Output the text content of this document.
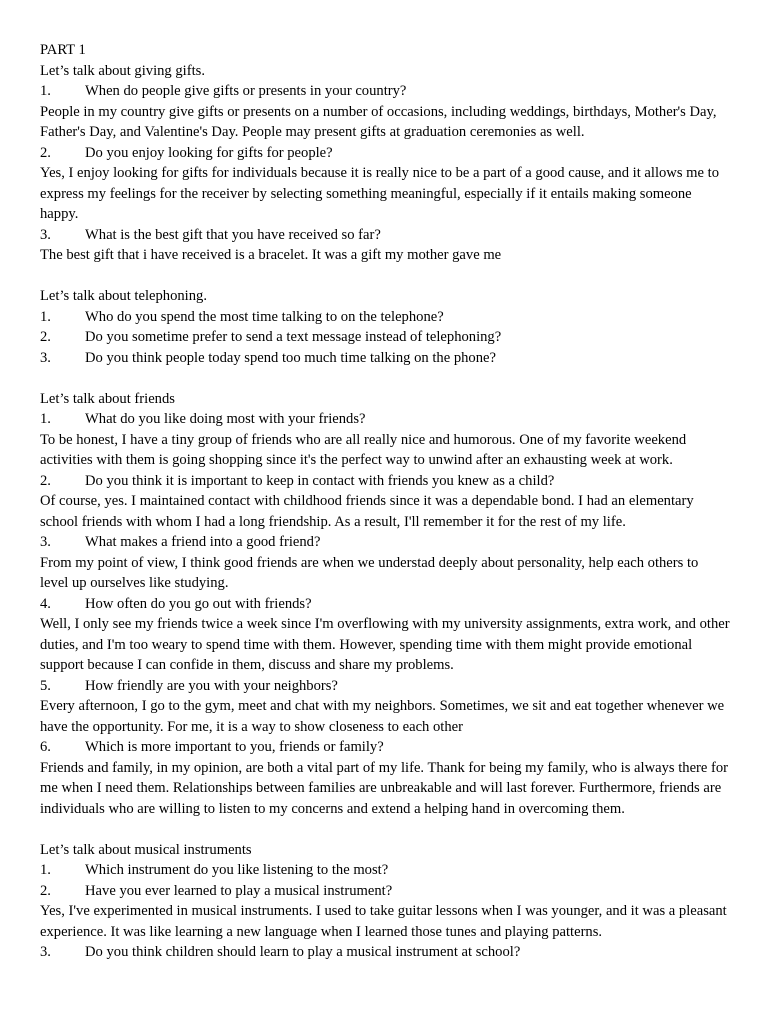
PART 1

Let’s talk about giving gifts.

1.	When do people give gifts or presents in your country?

People in my country give gifts or presents on a number of occasions, including weddings, birthdays, Mother's Day, Father's Day, and Valentine's Day. People may present gifts at graduation ceremonies as well.

2.	Do you enjoy looking for gifts for people?

Yes, I enjoy looking for gifts for individuals because it is really nice to be a part of a good cause, and it allows me to express my feelings for the receiver by selecting something meaningful, especially if it entails making someone happy.

3.	What is the best gift that you have received so far?

The best gift that i have received is a bracelet. It was a gift my mother gave me

Let’s talk about telephoning.

1.	Who do you spend the most time talking to on the telephone?

2.	Do you sometime prefer to send a text message instead of telephoning?

3.	Do you think people today spend too much time talking on the phone?

Let’s talk about friends

1.	What do you like doing most with your friends?

To be honest, I have a tiny group of friends who are all really nice and humorous. One of my favorite weekend activities with them is going shopping since it's the perfect way to unwind after an exhausting week at work.

2.	Do you think it is important to keep in contact with friends you knew as a child?

Of course, yes. I maintained contact with childhood friends since it was a dependable bond. I had an elementary school friends with whom I had a long friendship. As a result, I'll remember it for the rest of my life.

3.	What makes a friend into a good friend?

From my point of view, I think good friends are when we understad deeply about personality, help each others to level up ourselves like studying.

4.	How often do you go out with friends?

Well, I only see my friends twice a week since I'm overflowing with my university assignments, extra work, and other duties, and I'm too weary to spend time with them. However, spending time with them might provide emotional support because I can confide in them, discuss and share my problems.

5.	How friendly are you with your neighbors?

Every afternoon, I go to the gym, meet and chat with my neighbors. Sometimes, we sit and eat together whenever we have the opportunity. For me, it is a way to show closeness to each other

6.	Which is more important to you, friends or family?

Friends and family, in my opinion, are both a vital part of my life. Thank for being my family, who is always there for me when I need them. Relationships between families are unbreakable and will last forever. Furthermore, friends are individuals who are willing to listen to my concerns and extend a helping hand in overcoming them.

Let’s talk about musical instruments

1.	Which instrument do you like listening to the most?

2.	Have you ever learned to play a musical instrument?

Yes, I've experimented in musical instruments. I used to take guitar lessons when I was younger, and it was a pleasant experience. It was like learning a new language when I learned those tunes and playing patterns.

3.	Do you think children should learn to play a musical instrument at school?
